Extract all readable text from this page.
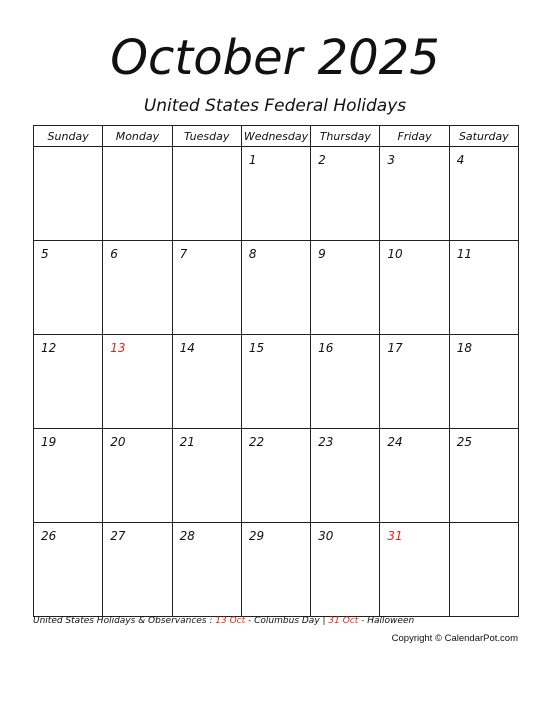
October 2025
United States Federal Holidays
Sunday	Monday	Tuesday	Wednesday	Thursday	Friday	Saturday

			1	2	3	4

5	6	7	8	9	10	11

12	13	14	15	16	17	18

19	20	21	22	23	24	25

26	27	28	29	30	31	

United States Holidays & Observances : 13 Oct - Columbus Day | 31 Oct - Halloween
Copyright © CalendarPot.com
